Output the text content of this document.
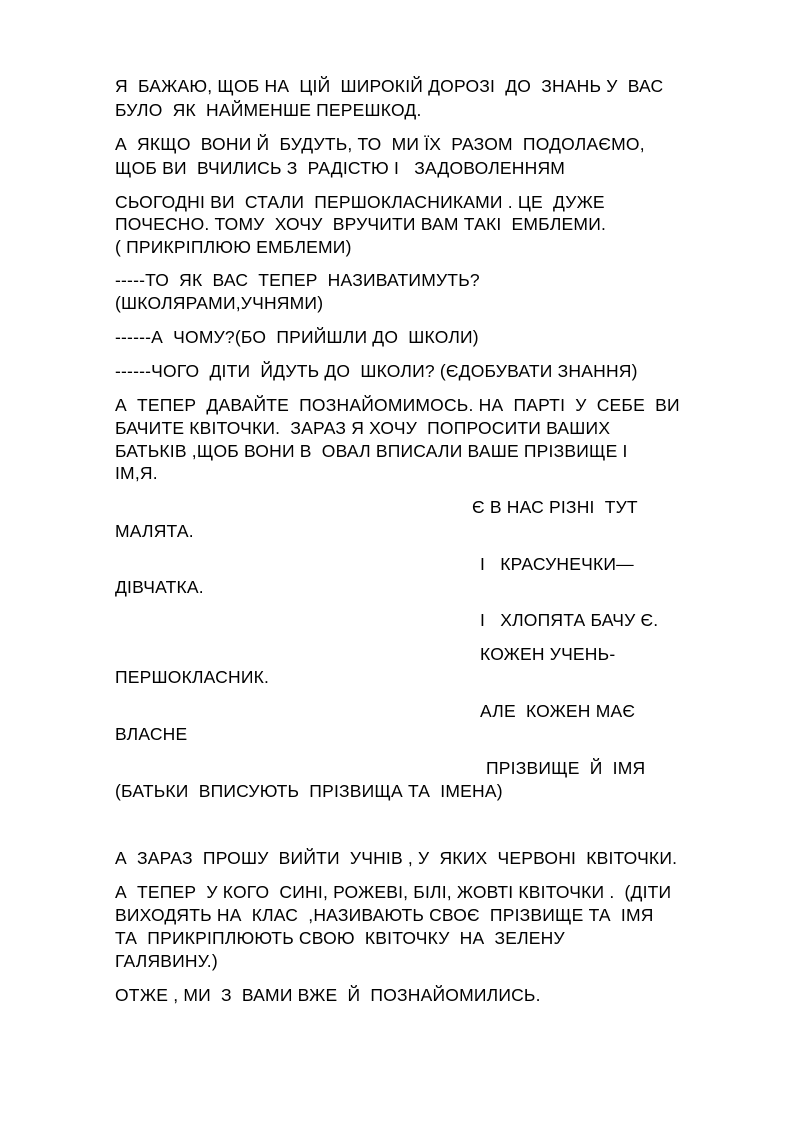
Я  БАЖАЮ, ЩОБ НА  ЦІЙ  ШИРОКІЙ ДОРОЗІ  ДО  ЗНАНЬ У  ВАС
БУЛО  ЯК  НАЙМЕНШЕ ПЕРЕШКОД.
А  ЯКЩО  ВОНИ Й  БУДУТЬ, ТО  МИ ЇХ  РАЗОМ  ПОДОЛАЄМО,
ЩОБ ВИ  ВЧИЛИСЬ З  РАДІСТЮ І   ЗАДОВОЛЕННЯМ
СЬОГОДНІ ВИ  СТАЛИ  ПЕРШОКЛАСНИКАМИ . ЦЕ  ДУЖЕ
ПОЧЕСНО. ТОМУ  ХОЧУ  ВРУЧИТИ ВАМ ТАКІ  ЕМБЛЕМИ.
( ПРИКРІПЛЮЮ ЕМБЛЕМИ)
-----ТО  ЯК  ВАС  ТЕПЕР  НАЗИВАТИМУТЬ?
(ШКОЛЯРАМИ,УЧНЯМИ)
------А  ЧОМУ?(БО  ПРИЙШЛИ ДО  ШКОЛИ)
------ЧОГО  ДІТИ  ЙДУТЬ ДО  ШКОЛИ? (ЄДОБУВАТИ ЗНАННЯ)
А  ТЕПЕР  ДАВАЙТЕ  ПОЗНАЙОМИМОСЬ. НА  ПАРТІ  У  СЕБЕ  ВИ
БАЧИТЕ КВІТОЧКИ.  ЗАРАЗ Я ХОЧУ  ПОПРОСИТИ ВАШИХ
БАТЬКІВ ,ЩОБ ВОНИ В  ОВАЛ ВПИСАЛИ ВАШЕ ПРІЗВИЩЕ І
ІМ,Я.
Є В НАС РІЗНІ  ТУТ
МАЛЯТА.
І   КРАСУНЕЧКИ—
ДІВЧАТКА.
І   ХЛОПЯТА БАЧУ Є.
КОЖЕН УЧЕНЬ-
ПЕРШОКЛАСНИК.
АЛЕ  КОЖЕН МАЄ
ВЛАСНЕ
ПРІЗВИЩЕ  Й  ІМЯ
(БАТЬКИ  ВПИСУЮТЬ  ПРІЗВИЩА ТА  ІМЕНА)
А  ЗАРАЗ  ПРОШУ  ВИЙТИ  УЧНІВ , У  ЯКИХ  ЧЕРВОНІ  КВІТОЧКИ.
А  ТЕПЕР  У КОГО  СИНІ, РОЖЕВІ, БІЛІ, ЖОВТІ КВІТОЧКИ .  (ДІТИ
ВИХОДЯТЬ НА  КЛАС  ,НАЗИВАЮТЬ СВОЄ  ПРІЗВИЩЕ ТА  ІМЯ
ТА  ПРИКРІПЛЮЮТЬ СВОЮ  КВІТОЧКУ  НА  ЗЕЛЕНУ
ГАЛЯВИНУ.)
ОТЖЕ , МИ  З  ВАМИ ВЖЕ  Й  ПОЗНАЙОМИЛИСЬ.
